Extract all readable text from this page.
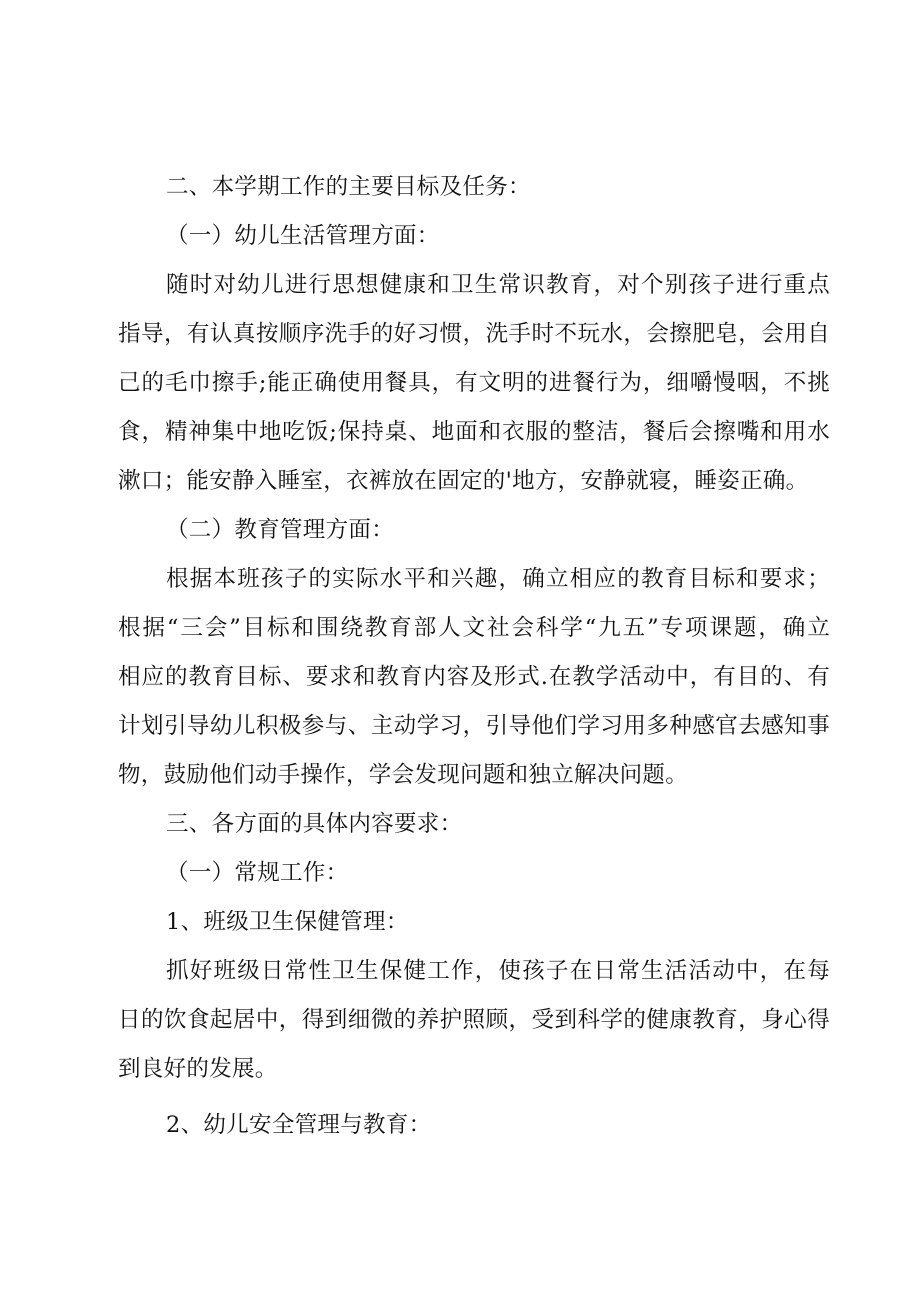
二、本学期工作的主要目标及任务：
（一）幼儿生活管理方面：
随时对幼儿进行思想健康和卫生常识教育，对个别孩子进行重点
指导，有认真按顺序洗手的好习惯，洗手时不玩水，会擦肥皂，会用自
己的毛巾擦手;能正确使用餐具，有文明的进餐行为，细嚼慢咽，不挑
食，精神集中地吃饭;保持桌、地面和衣服的整洁，餐后会擦嘴和用水
漱口；能安静入睡室，衣裤放在固定的'地方，安静就寝，睡姿正确。
（二）教育管理方面：
根据本班孩子的实际水平和兴趣，确立相应的教育目标和要求；
根据“三会”目标和围绕教育部人文社会科学“九五”专项课题，确立
相应的教育目标、要求和教育内容及形式.在教学活动中，有目的、有
计划引导幼儿积极参与、主动学习，引导他们学习用多种感官去感知事
物，鼓励他们动手操作，学会发现问题和独立解决问题。
三、各方面的具体内容要求：
（一）常规工作：
1、班级卫生保健管理：
抓好班级日常性卫生保健工作，使孩子在日常生活活动中，在每
日的饮食起居中，得到细微的养护照顾，受到科学的健康教育，身心得
到良好的发展。
2、幼儿安全管理与教育：
